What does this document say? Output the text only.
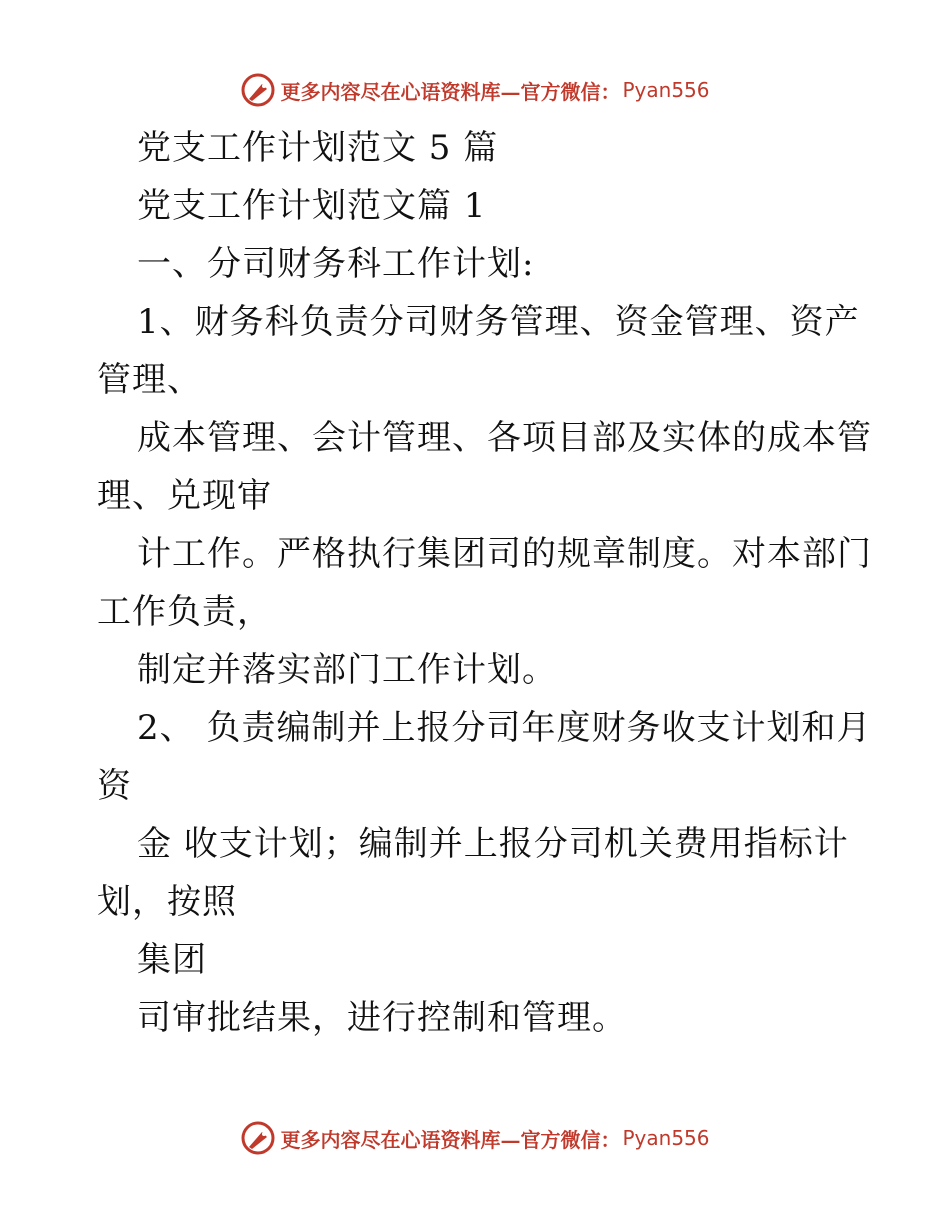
更多内容尽在心语资料库—官方微信： Pyan556
党支工作计划范文 5 篇
党支工作计划范文篇 1
一、分司财务科工作计划:
1、财务科负责分司财务管理、资金管理、资产
管理、
成本管理、会计管理、各项目部及实体的成本管
理、兑现审
计工作。严格执行集团司的规章制度。对本部门
工作负责，
制定并落实部门工作计划。
2、 负责编制并上报分司年度财务收支计划和月
资
金 收支计划；编制并上报分司机关费用指标计
划，按照
集团
司审批结果，进行控制和管理。
更多内容尽在心语资料库—官方微信： Pyan556
